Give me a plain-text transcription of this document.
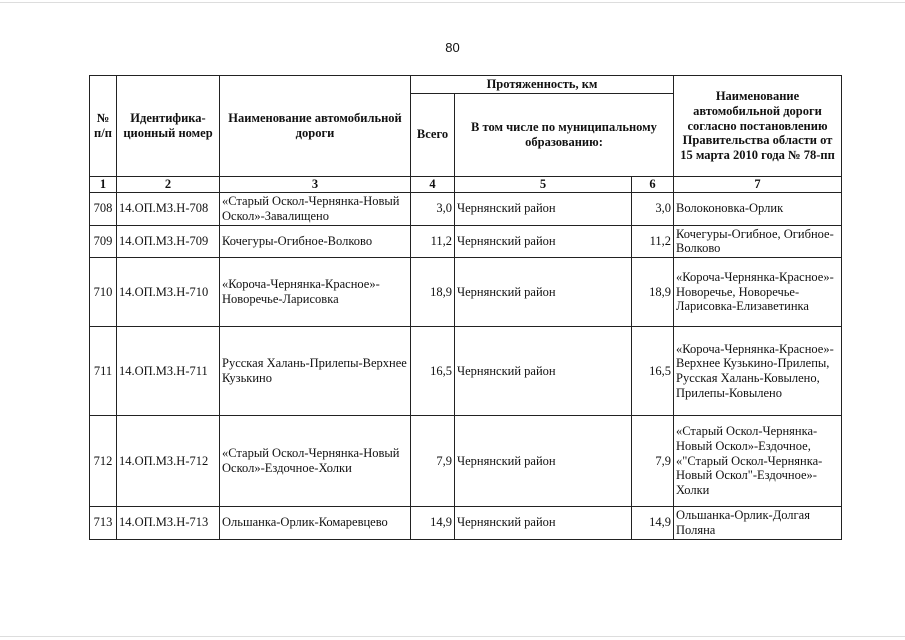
80
№ п/п	Идентифика-ционный номер	Наименование автомобильной дороги	Протяженность, км			Наименование автомобильной дороги согласно постановлению Правительства области от 15 марта 2010 года № 78-пп
			Всего	В том числе по муниципальному образованию:		
1	2	3	4	5	6	7
708	14.ОП.МЗ.Н-708	«Старый Оскол-Чернянка-Новый Оскол»-Завалищено	3,0	Чернянский район	3,0	Волоконовка-Орлик
709	14.ОП.МЗ.Н-709	Кочегуры-Огибное-Волково	11,2	Чернянский район	11,2	Кочегуры-Огибное, Огибное-Волково
710	14.ОП.МЗ.Н-710	«Короча-Чернянка-Красное»-Новоречье-Ларисовка	18,9	Чернянский район	18,9	«Короча-Чернянка-Красное»-Новоречье, Новоречье-Ларисовка-Елизаветинка
711	14.ОП.МЗ.Н-711	Русская Халань-Прилепы-Верхнее Кузькино	16,5	Чернянский район	16,5	«Короча-Чернянка-Красное»-Верхнее Кузькино-Прилепы, Русская Халань-Ковылено, Прилепы-Ковылено
712	14.ОП.МЗ.Н-712	«Старый Оскол-Чернянка-Новый Оскол»-Ездочное-Холки	7,9	Чернянский район	7,9	«Старый Оскол-Чернянка-Новый Оскол»-Ездочное, «"Старый Оскол-Чернянка-Новый Оскол"-Ездочное»-Холки
713	14.ОП.МЗ.Н-713	Ольшанка-Орлик-Комаревцево	14,9	Чернянский район	14,9	Ольшанка-Орлик-Долгая Поляна
